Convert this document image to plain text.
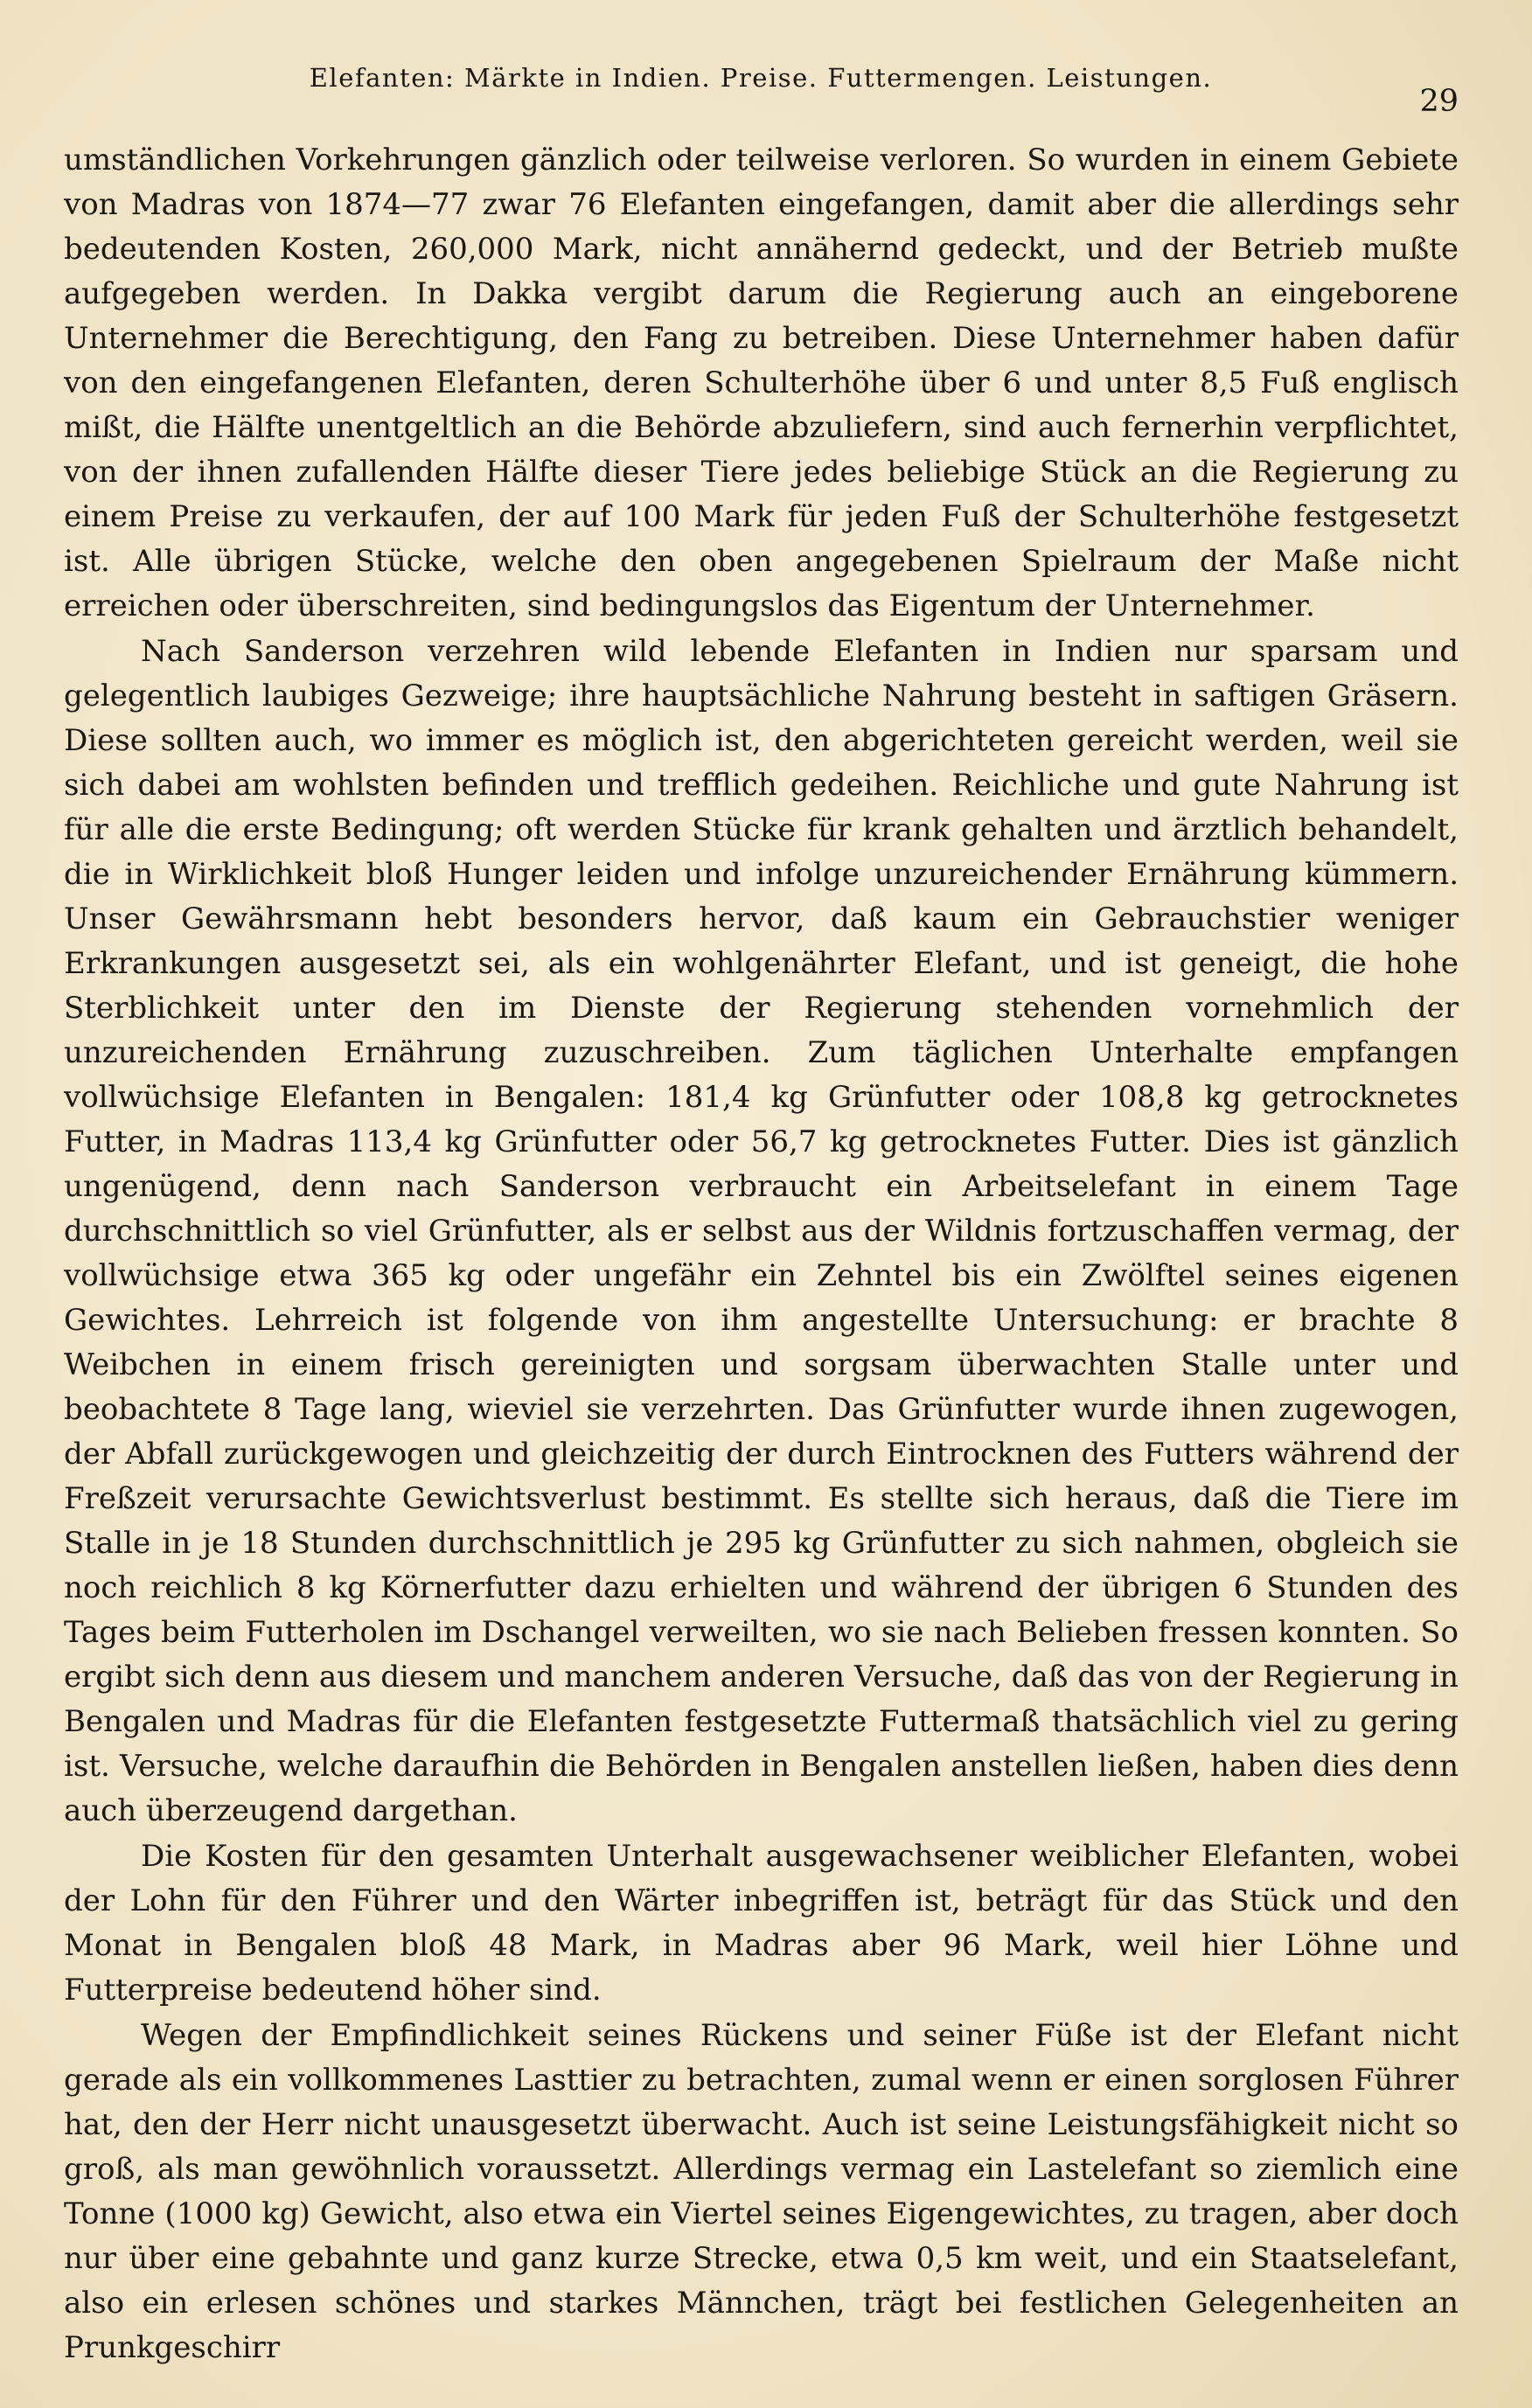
Elefanten: Märkte in Indien. Preise. Futtermengen. Leistungen.
29

umständlichen Vorkehrungen gänzlich oder teilweise verloren. So wurden in einem Gebiete von Madras von 1874—77 zwar 76 Elefanten eingefangen, damit aber die allerdings sehr bedeutenden Kosten, 260,000 Mark, nicht annähernd gedeckt, und der Betrieb mußte aufgegeben werden. In Dakka vergibt darum die Regierung auch an eingeborene Unternehmer die Berechtigung, den Fang zu betreiben. Diese Unternehmer haben dafür von den eingefangenen Elefanten, deren Schulterhöhe über 6 und unter 8,5 Fuß englisch mißt, die Hälfte unentgeltlich an die Behörde abzuliefern, sind auch fernerhin verpflichtet, von der ihnen zufallenden Hälfte dieser Tiere jedes beliebige Stück an die Regierung zu einem Preise zu verkaufen, der auf 100 Mark für jeden Fuß der Schulterhöhe festgesetzt ist. Alle übrigen Stücke, welche den oben angegebenen Spielraum der Maße nicht erreichen oder überschreiten, sind bedingungslos das Eigentum der Unternehmer.

Nach Sanderson verzehren wild lebende Elefanten in Indien nur sparsam und gelegentlich laubiges Gezweige; ihre hauptsächliche Nahrung besteht in saftigen Gräsern. Diese sollten auch, wo immer es möglich ist, den abgerichteten gereicht werden, weil sie sich dabei am wohlsten befinden und trefflich gedeihen. Reichliche und gute Nahrung ist für alle die erste Bedingung; oft werden Stücke für krank gehalten und ärztlich behandelt, die in Wirklichkeit bloß Hunger leiden und infolge unzureichender Ernährung kümmern. Unser Gewährsmann hebt besonders hervor, daß kaum ein Gebrauchstier weniger Erkrankungen ausgesetzt sei, als ein wohlgenährter Elefant, und ist geneigt, die hohe Sterblichkeit unter den im Dienste der Regierung stehenden vornehmlich der unzureichenden Ernährung zuzuschreiben. Zum täglichen Unterhalte empfangen vollwüchsige Elefanten in Bengalen: 181,4 kg Grünfutter oder 108,8 kg getrocknetes Futter, in Madras 113,4 kg Grünfutter oder 56,7 kg getrocknetes Futter. Dies ist gänzlich ungenügend, denn nach Sanderson verbraucht ein Arbeitselefant in einem Tage durchschnittlich so viel Grünfutter, als er selbst aus der Wildnis fortzuschaffen vermag, der vollwüchsige etwa 365 kg oder ungefähr ein Zehntel bis ein Zwölftel seines eigenen Gewichtes. Lehrreich ist folgende von ihm angestellte Untersuchung: er brachte 8 Weibchen in einem frisch gereinigten und sorgsam überwachten Stalle unter und beobachtete 8 Tage lang, wieviel sie verzehrten. Das Grünfutter wurde ihnen zugewogen, der Abfall zurückgewogen und gleichzeitig der durch Eintrocknen des Futters während der Freßzeit verursachte Gewichtsverlust bestimmt. Es stellte sich heraus, daß die Tiere im Stalle in je 18 Stunden durchschnittlich je 295 kg Grünfutter zu sich nahmen, obgleich sie noch reichlich 8 kg Körnerfutter dazu erhielten und während der übrigen 6 Stunden des Tages beim Futterholen im Dschangel verweilten, wo sie nach Belieben fressen konnten. So ergibt sich denn aus diesem und manchem anderen Versuche, daß das von der Regierung in Bengalen und Madras für die Elefanten festgesetzte Futtermaß thatsächlich viel zu gering ist. Versuche, welche daraufhin die Behörden in Bengalen anstellen ließen, haben dies denn auch überzeugend dargethan.

Die Kosten für den gesamten Unterhalt ausgewachsener weiblicher Elefanten, wobei der Lohn für den Führer und den Wärter inbegriffen ist, beträgt für das Stück und den Monat in Bengalen bloß 48 Mark, in Madras aber 96 Mark, weil hier Löhne und Futterpreise bedeutend höher sind.

Wegen der Empfindlichkeit seines Rückens und seiner Füße ist der Elefant nicht gerade als ein vollkommenes Lasttier zu betrachten, zumal wenn er einen sorglosen Führer hat, den der Herr nicht unausgesetzt überwacht. Auch ist seine Leistungsfähigkeit nicht so groß, als man gewöhnlich voraussetzt. Allerdings vermag ein Lastelefant so ziemlich eine Tonne (1000 kg) Gewicht, also etwa ein Viertel seines Eigengewichtes, zu tragen, aber doch nur über eine gebahnte und ganz kurze Strecke, etwa 0,5 km weit, und ein Staatselefant, also ein erlesen schönes und starkes Männchen, trägt bei festlichen Gelegenheiten an Prunkgeschirr
